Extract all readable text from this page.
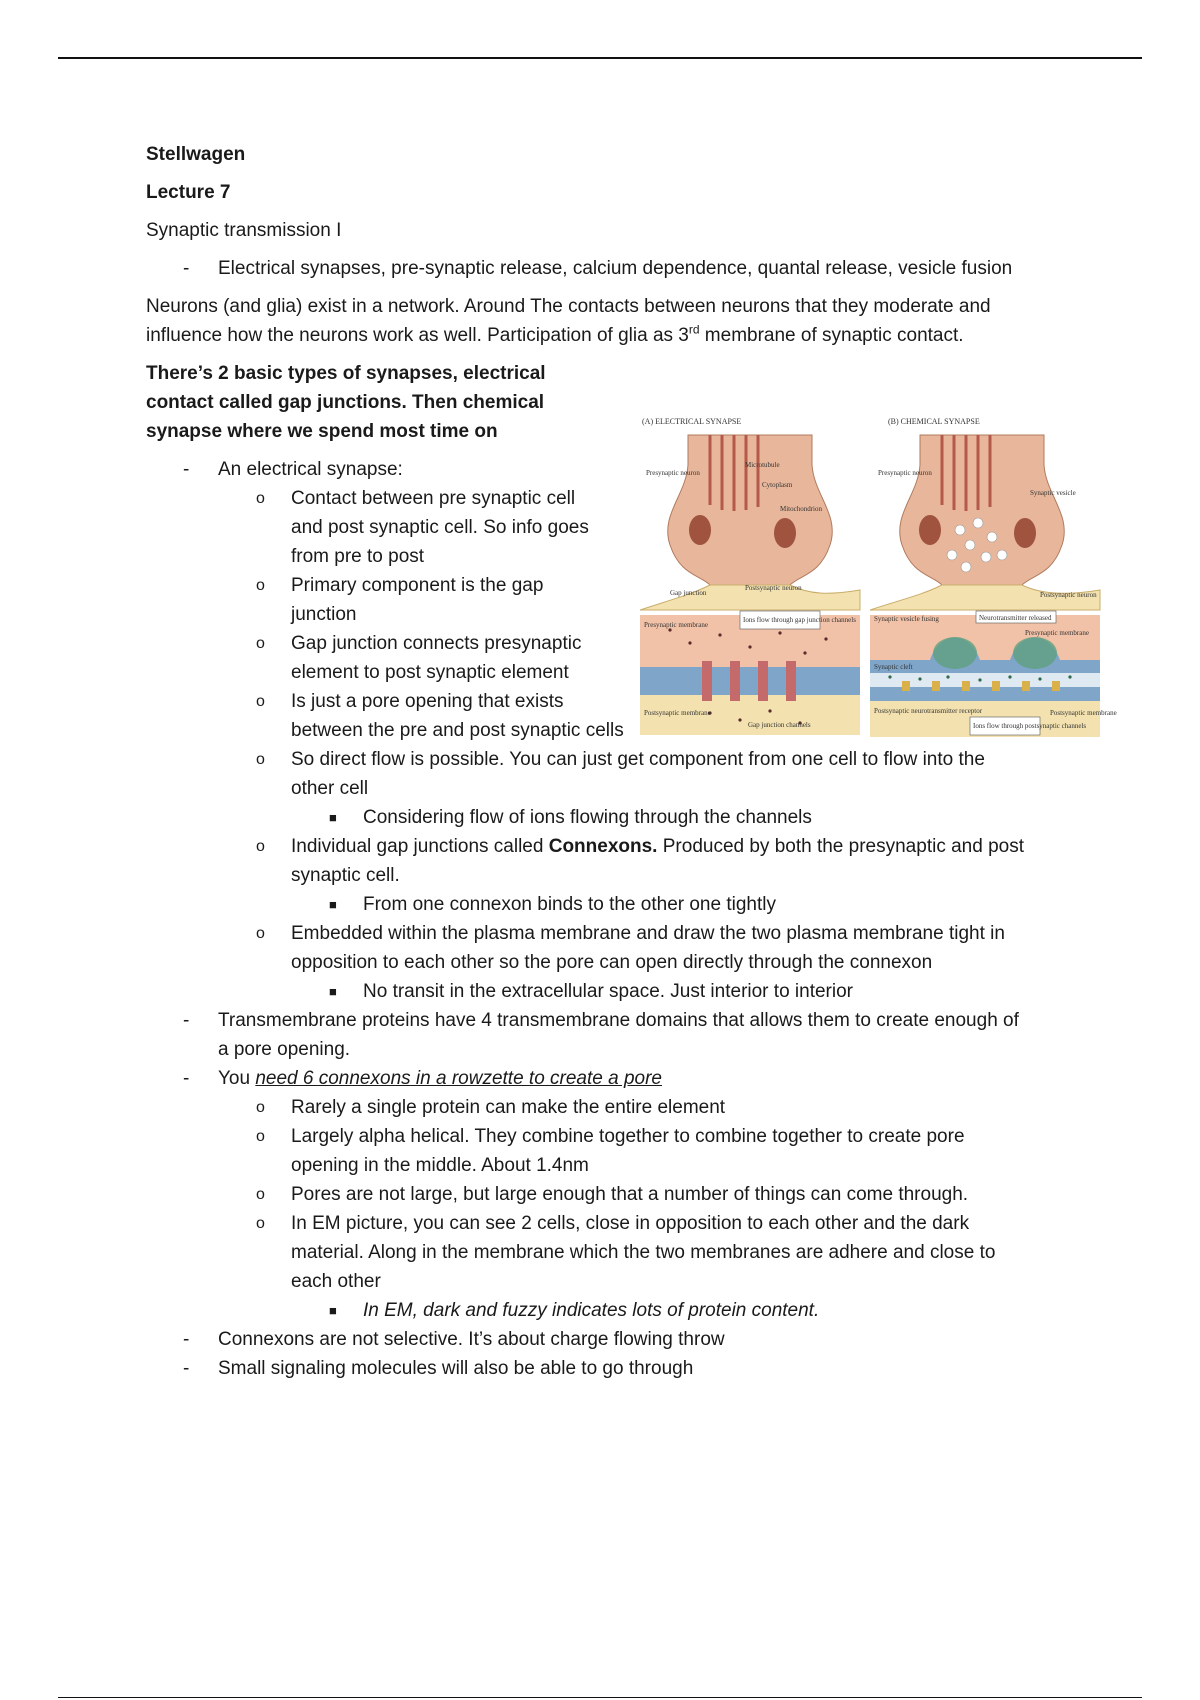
Stellwagen
Lecture 7
Synaptic transmission I
- Electrical synapses, pre-synaptic release, calcium dependence, quantal release, vesicle fusion
Neurons (and glia) exist in a network. Around The contacts between neurons that they moderate and
influence how the neurons work as well. Participation of glia as 3rd membrane of synaptic contact.
There’s 2 basic types of synapses, electrical
contact called gap junctions. Then chemical
synapse where we spend most time on
- An electrical synapse:
o Contact between pre synaptic cell
and post synaptic cell. So info goes
from pre to post
o Primary component is the gap
junction
o Gap junction connects presynaptic
element to post synaptic element
o Is just a pore opening that exists
between the pre and post synaptic cells
o So direct flow is possible. You can just get component from one cell to flow into the
other cell
■ Considering flow of ions flowing through the channels
o Individual gap junctions called Connexons. Produced by both the presynaptic and post
synaptic cell.
■ From one connexon binds to the other one tightly
o Embedded within the plasma membrane and draw the two plasma membrane tight in
opposition to each other so the pore can open directly through the connexon
■ No transit in the extracellular space. Just interior to interior
- Transmembrane proteins have 4 transmembrane domains that allows them to create enough of
a pore opening.
- You need 6 connexons in a rowzette to create a pore
o Rarely a single protein can make the entire element
o Largely alpha helical. They combine together to combine together to create pore
opening in the middle. About 1.4nm
o Pores are not large, but large enough that a number of things can come through.
o In EM picture, you can see 2 cells, close in opposition to each other and the dark
material. Along in the membrane which the two membranes are adhere and close to
each other
■ In EM, dark and fuzzy indicates lots of protein content.
- Connexons are not selective. It’s about charge flowing throw
- Small signaling molecules will also be able to go through
(A) ELECTRICAL SYNAPSE
Presynaptic neuron
Microtubule
Cytoplasm
Mitochondrion
Gap junction
Postsynaptic neuron
Ions flow through gap junction channels
Presynaptic membrane
Postsynaptic membrane
Gap junction channels
(B) CHEMICAL SYNAPSE
Presynaptic neuron
Synaptic vesicle
Postsynaptic neuron
Synaptic vesicle fusing	Neurotransmitter released
Presynaptic membrane
Synaptic cleft
Postsynaptic neurotransmitter receptor
Ions flow through postsynaptic channels
Postsynaptic membrane
